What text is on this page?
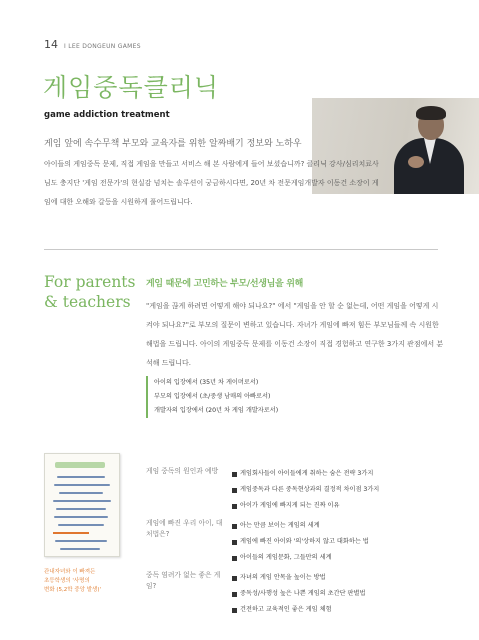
14 I LEE DONGEUN GAMES
게임중독클리닉
game addiction treatment

게임 앞에 속수무책 부모와 교육자를 위한 알짜배기 정보와 노하우

아이들의 게임중독 문제, 직접 게임을 만들고 서비스 해 본 사람에게 들어 보셨습니까? 클리닉 강사/심리치료사님도 충지단 '게임 전문가'의 현실감 넘치는 솔루션이 궁금하시다면, 20년 차 전문게임개발자 이동건 소장이 게임에 대한 오해와 갈등을 시원하게 풀어드립니다.

For parents & teachers
게임 때문에 고민하는 부모/선생님을 위해

"게임을 끊게 하려면 어떻게 해야 되나요?" 에서 "게임을 안 할 순 없는데, 어떤 게임을 어떻게 시켜야 되나요?"로 부모의 질문이 변하고 있습니다. 자녀가 게임에 빠져 힘든 부모님들께 속 시원한 해법을 드립니다. 아이의 게임중독 문제를 이동건 소장이 직접 경험하고 연구한 3가지 관점에서 분석해 드립니다.

아이의 입장에서 (35년 차 게이머로서)
부모의 입장에서 (초/중생 남매의 아빠로서)
개발자의 입장에서 (20년 차 게임 개발자로서)
관내자녀와 이 빠져든
초등학생의 '사명의
변화 (5,2학 중앙 발생)'
게임 중독의 원인과 예방	게임회사들이 아이들에게 취하는 숨은 전략 3가지
게임중독과 다른 중독현상과의 결정적 차이점 3가지
아이가 게임에 빠지게 되는 진짜 이유
게임에 빠진 우리 아이, 대처법은?
아는 만큼 보이는 게임의 세계
게임에 빠진 아이와 '의'상하지 않고 대화하는 법
아이들의 게임문화, 그들만의 세계
중독 염려가 없는 좋은 게임?
자녀의 게임 안목을 높이는 방법
중독성/사행성 높은 나쁜 게임의 초간단 판별법
건전하고 교육적인 좋은 게임 체험
